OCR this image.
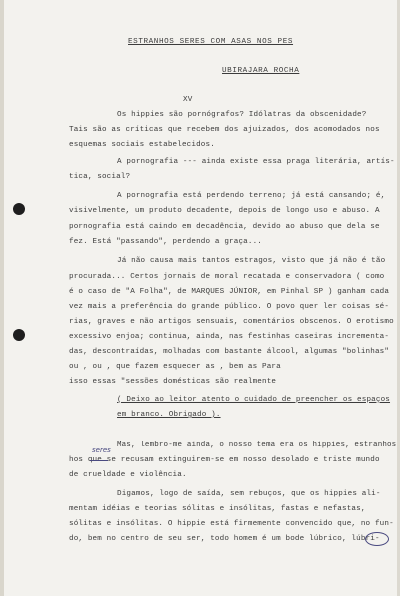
ESTRANHOS SERES COM ASAS NOS PES
UBIRAJARA ROCHA
XV
Os hippies são pornógrafos? Idólatras da obscenidade?
Tais são as críticas que recebem dos ajuizados, dos acomodados nos
esquemas sociais estabelecidos.
A pornografia --- ainda existe essa praga literária, artís-
tica, social?
A pornografia está perdendo terreno; já está cansando; é,
visivelmente, um produto decadente, depois de longo uso e abuso. A
pornografia está caindo em decadência, devido ao abuso que dela se
fez. Está "passando", perdendo a graça...
Já não causa mais tantos estragos, visto que já não é tão
procurada... Certos jornais de moral recatada e conservadora ( como
é o caso de "A Folha", de MARQUES JÚNIOR, em Pinhal SP ) ganham cada
vez mais a preferência do grande público. O povo quer ler coisas sé-
rias, graves e não artigos sensuais, comentários obscenos. O erotismo
excessivo enjoa; continua, ainda, nas festinhas caseiras incrementa-
das, descontraídas, molhadas com bastante álcool, algumas "bolinhas"
ou , ou , que fazem esquecer as , bem as Para
isso essas "sessões domésticas são realmente
( Deixo ao leitor atento o cuidado de preencher os espaços
em branco. Obrigado ).
Mas, lembro-me ainda, o nosso tema era os hippies, estranhos
hos que se recusam extinguirem-se em nosso desolado e triste mundo
de crueldade e violência.
Digamos, logo de saída, sem rebuços, que os hippies ali-
mentam idéias e teorias sólitas e insólitas, fastas e nefastas,
sólitas e insólitas. O hippie está firmemente convencido que, no fun-
do, bem no centro de seu ser, todo homem é um bode lúbrico, lúbri-
seres
